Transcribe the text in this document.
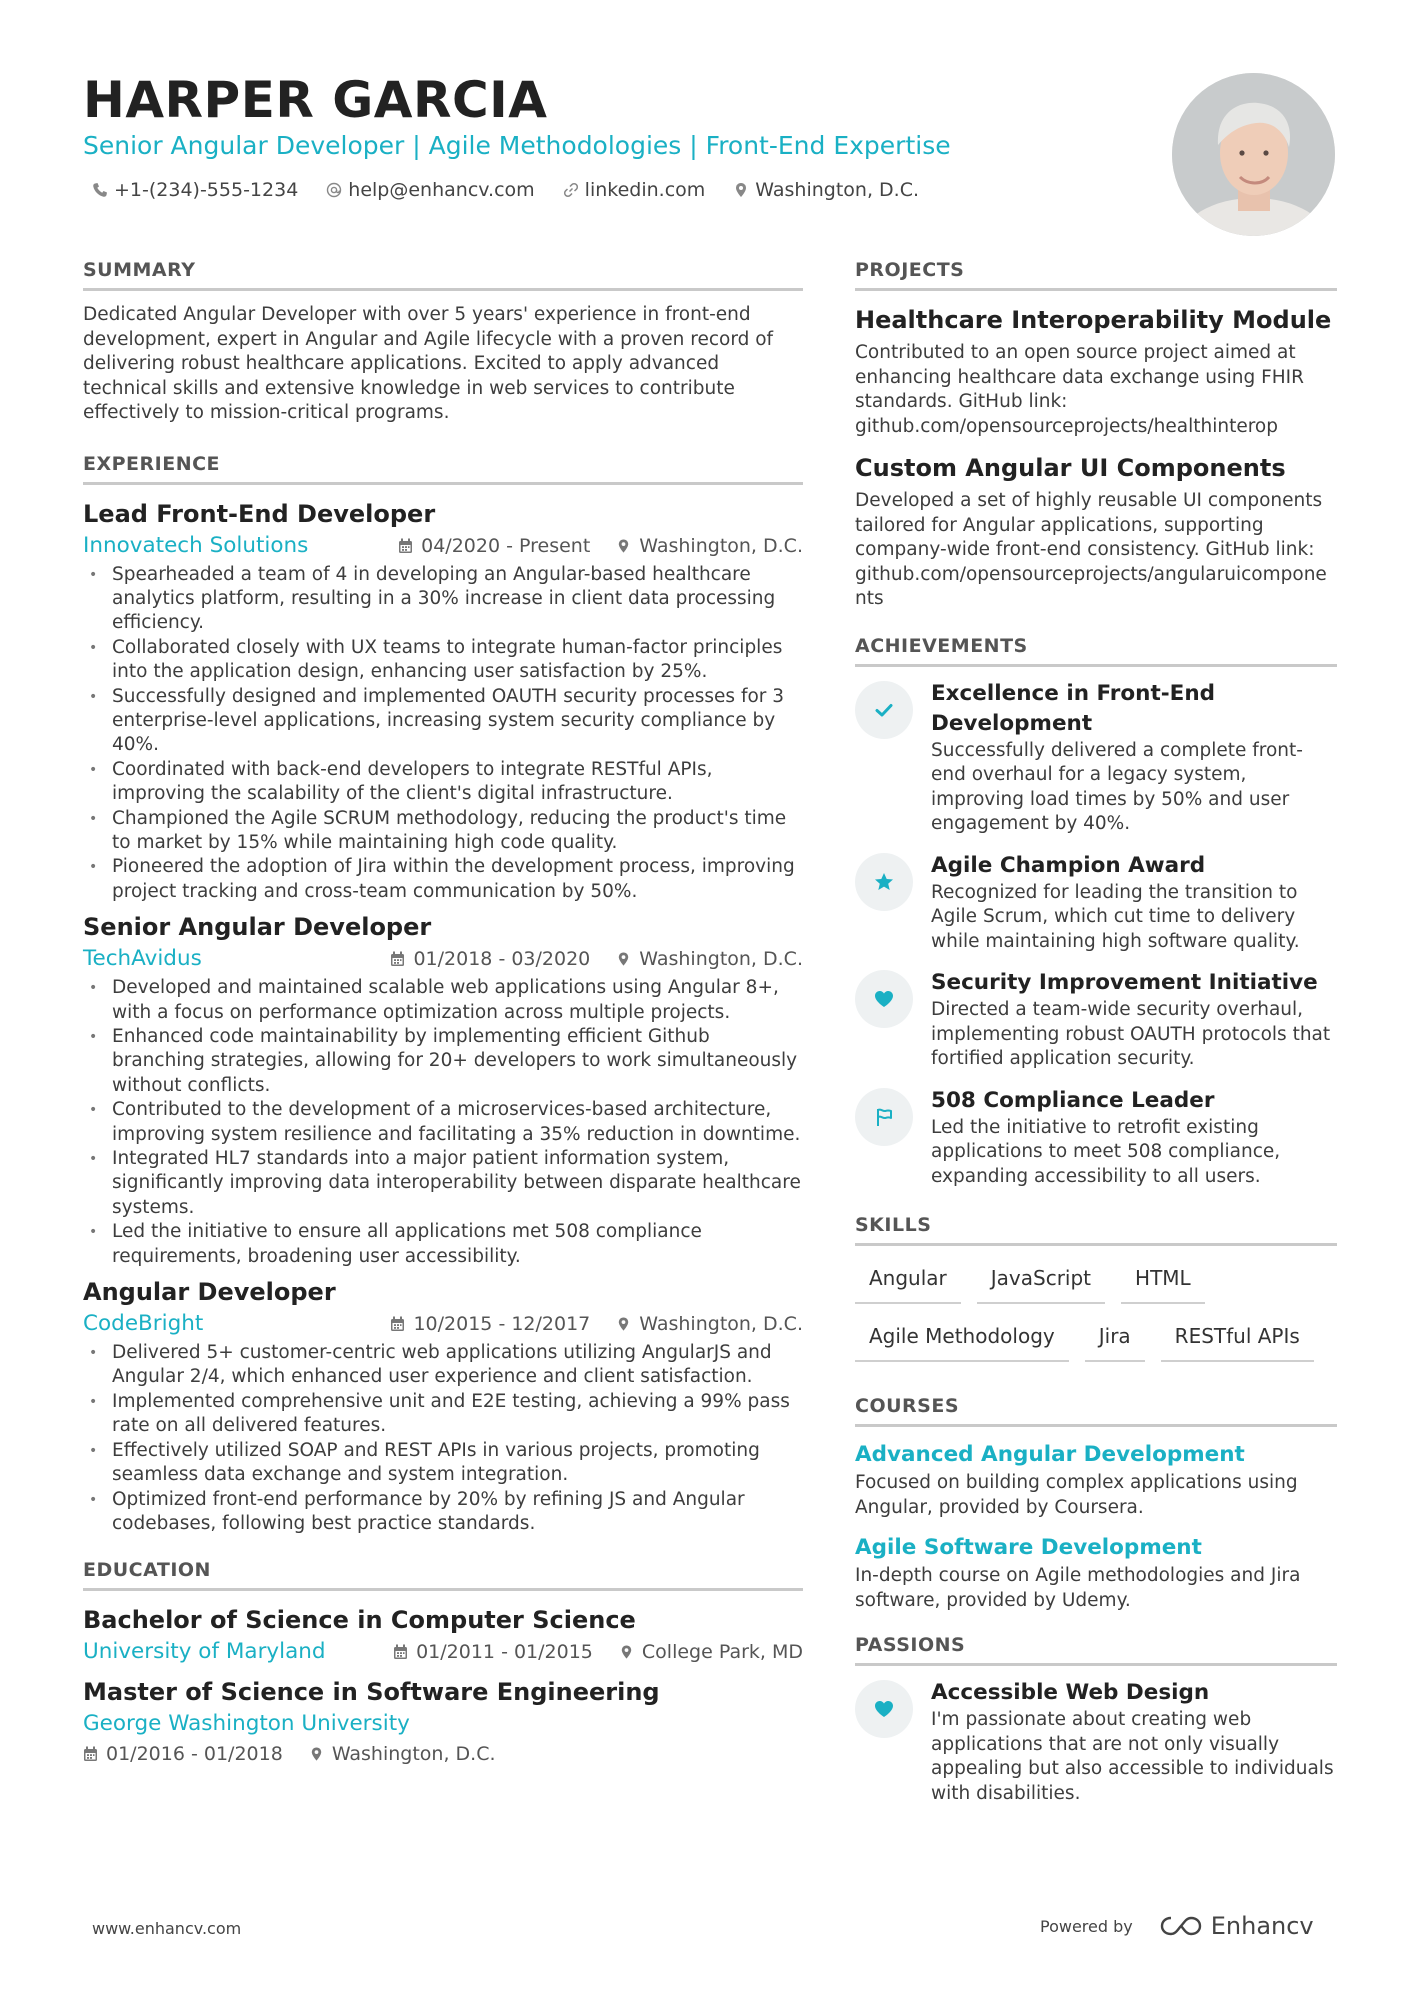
HARPER GARCIA
Senior Angular Developer | Agile Methodologies | Front-End Expertise
+1-(234)-555-1234	help@enhancv.com	linkedin.com	Washington, D.C.
SUMMARY

Dedicated Angular Developer with over 5 years' experience in front-end development, expert in Angular and Agile lifecycle with a proven record of delivering robust healthcare applications. Excited to apply advanced technical skills and extensive knowledge in web services to contribute effectively to mission-critical programs.

EXPERIENCE
Lead Front-End Developer
Innovatech Solutions	04/2020 - Present	Washington, D.C.
• Spearheaded a team of 4 in developing an Angular-based healthcare analytics platform, resulting in a 30% increase in client data processing efficiency.
• Collaborated closely with UX teams to integrate human-factor principles into the application design, enhancing user satisfaction by 25%.
• Successfully designed and implemented OAUTH security processes for 3 enterprise-level applications, increasing system security compliance by 40%.
• Coordinated with back-end developers to integrate RESTful APIs, improving the scalability of the client's digital infrastructure.
• Championed the Agile SCRUM methodology, reducing the product's time to market by 15% while maintaining high code quality.
• Pioneered the adoption of Jira within the development process, improving project tracking and cross-team communication by 50%.
Senior Angular Developer
TechAvidus	01/2018 - 03/2020	Washington, D.C.
• Developed and maintained scalable web applications using Angular 8+, with a focus on performance optimization across multiple projects.
• Enhanced code maintainability by implementing efficient Github branching strategies, allowing for 20+ developers to work simultaneously without conflicts.
• Contributed to the development of a microservices-based architecture, improving system resilience and facilitating a 35% reduction in downtime.
• Integrated HL7 standards into a major patient information system, significantly improving data interoperability between disparate healthcare systems.
• Led the initiative to ensure all applications met 508 compliance requirements, broadening user accessibility.
Angular Developer
CodeBright	10/2015 - 12/2017	Washington, D.C.
• Delivered 5+ customer-centric web applications utilizing AngularJS and Angular 2/4, which enhanced user experience and client satisfaction.
• Implemented comprehensive unit and E2E testing, achieving a 99% pass rate on all delivered features.
• Effectively utilized SOAP and REST APIs in various projects, promoting seamless data exchange and system integration.
• Optimized front-end performance by 20% by refining JS and Angular codebases, following best practice standards.
EDUCATION
Bachelor of Science in Computer Science
University of Maryland	01/2011 - 01/2015	College Park, MD
Master of Science in Software Engineering
George Washington University
01/2016 - 01/2018	Washington, D.C.
PROJECTS
Healthcare Interoperability Module

Contributed to an open source project aimed at enhancing healthcare data exchange using FHIR standards. GitHub link: github.com/opensourceprojects/healthinterop

Custom Angular UI Components

Developed a set of highly reusable UI components tailored for Angular applications, supporting company-wide front-end consistency. GitHub link: github.com/opensourceprojects/angularuicomponents

ACHIEVEMENTS
Excellence in Front-End Development

Successfully delivered a complete front-end overhaul for a legacy system, improving load times by 50% and user engagement by 40%.

Agile Champion Award

Recognized for leading the transition to Agile Scrum, which cut time to delivery while maintaining high software quality.

Security Improvement Initiative

Directed a team-wide security overhaul, implementing robust OAUTH protocols that fortified application security.

508 Compliance Leader

Led the initiative to retrofit existing applications to meet 508 compliance, expanding accessibility to all users.

SKILLS
Angular	JavaScript	HTML
Agile Methodology	Jira	RESTful APIs
COURSES
Advanced Angular Development

Focused on building complex applications using Angular, provided by Coursera.

Agile Software Development

In-depth course on Agile methodologies and Jira software, provided by Udemy.

PASSIONS
Accessible Web Design

I'm passionate about creating web applications that are not only visually appealing but also accessible to individuals with disabilities.

www.enhancv.com	Powered by	Enhancv
